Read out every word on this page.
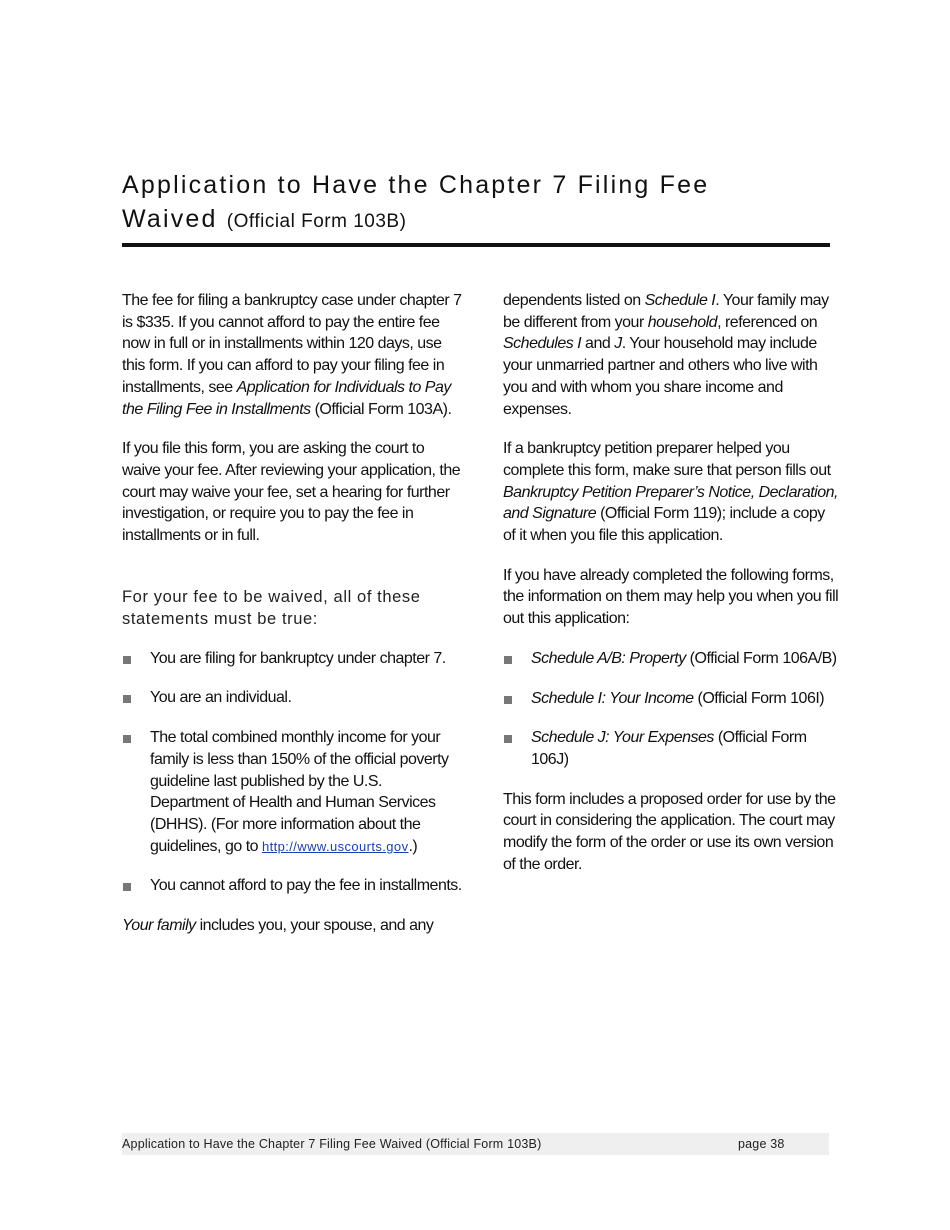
Application to Have the Chapter 7 Filing Fee
Waived (Official Form 103B)

The fee for filing a bankruptcy case under chapter 7 is $335. If you cannot afford to pay the entire fee now in full or in installments within 120 days, use this form. If you can afford to pay your filing fee in installments, see Application for Individuals to Pay the Filing Fee in Installments (Official Form 103A).

If you file this form, you are asking the court to waive your fee. After reviewing your application, the court may waive your fee, set a hearing for further investigation, or require you to pay the fee in installments or in full.

For your fee to be waived, all of these statements must be true:
You are filing for bankruptcy under chapter 7.
You are an individual.
The total combined monthly income for your family is less than 150% of the official poverty guideline last published by the U.S. Department of Health and Human Services (DHHS). (For more information about the guidelines, go to http://www.uscourts.gov.)
You cannot afford to pay the fee in installments.

Your family includes you, your spouse, and any

dependents listed on Schedule I. Your family may be different from your household, referenced on Schedules I and J. Your household may include your unmarried partner and others who live with you and with whom you share income and expenses.

If a bankruptcy petition preparer helped you complete this form, make sure that person fills out Bankruptcy Petition Preparer’s Notice, Declaration, and Signature (Official Form 119); include a copy of it when you file this application.

If you have already completed the following forms, the information on them may help you when you fill out this application:

Schedule A/B: Property (Official Form 106A/B)
Schedule I: Your Income (Official Form 106I)
Schedule J: Your Expenses (Official Form 106J)

This form includes a proposed order for use by the court in considering the application. The court may modify the form of the order or use its own version of the order.

Application to Have the Chapter 7 Filing Fee Waived (Official Form 103B)	page 38
